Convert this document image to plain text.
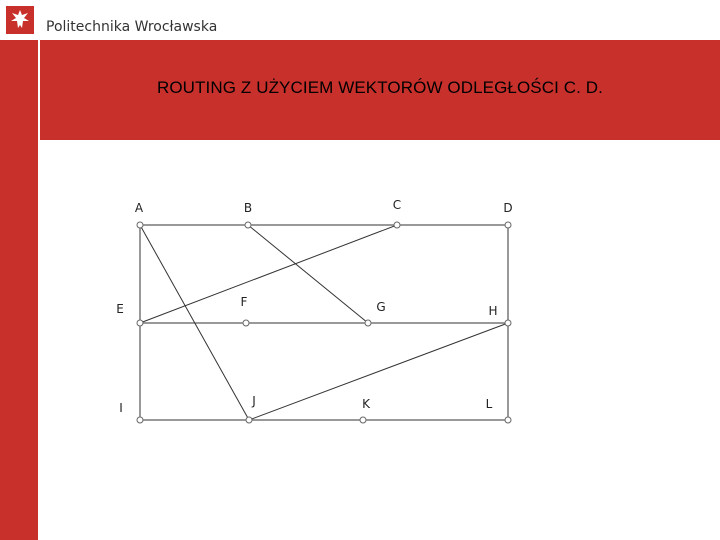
Politechnika Wrocławska
ROUTING Z UŻYCIEM WEKTORÓW ODLEGŁOŚCI C. D.
A	B	C	D
E	F	G	H
I	J	K	L
